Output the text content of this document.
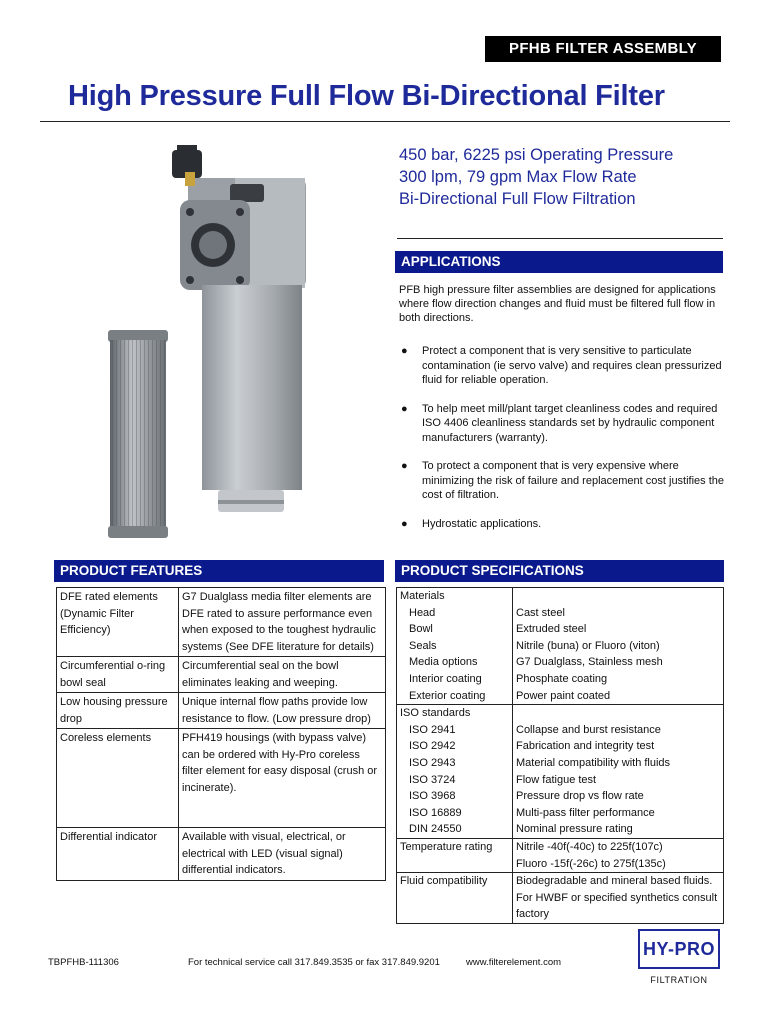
PFHB FILTER ASSEMBLY
High Pressure Full Flow Bi-Directional Filter
450 bar, 6225 psi Operating Pressure
300 lpm, 79 gpm Max Flow Rate
Bi-Directional Full Flow Filtration
APPLICATIONS
PFB high pressure filter assemblies are designed for applications where flow direction changes and fluid must be filtered full flow in both directions.
● Protect a component that is very sensitive to particulate contamination (ie servo valve) and requires clean pressurized fluid for reliable operation.
● To help meet mill/plant target cleanliness codes and required ISO 4406 cleanliness standards set by hydraulic component manufacturers (warranty).
● To protect a component that is very expensive where minimizing the risk of failure and replacement cost justifies the cost of filtration.
● Hydrostatic applications.
PRODUCT FEATURES
DFE rated elements (Dynamic Filter Efficiency)	G7 Dualglass media filter elements are DFE rated to assure performance even when exposed to the toughest hydraulic systems (See DFE literature for details)
Circumferential o-ring bowl seal	Circumferential seal on the bowl eliminates leaking and weeping.
Low housing pressure drop	Unique internal flow paths provide low resistance to flow. (Low pressure drop)
Coreless elements	PFH419 housings (with bypass valve) can be ordered with Hy-Pro coreless filter element for easy disposal (crush or incinerate).
Differential indicator	Available with visual, electrical, or electrical with LED (visual signal) differential indicators.
PRODUCT SPECIFICATIONS
Materials	
Head	Cast steel
Bowl	Extruded steel
Seals	Nitrile (buna) or Fluoro (viton)
Media options	G7 Dualglass, Stainless mesh
Interior coating	Phosphate coating
Exterior coating	Power paint coated
ISO standards	
ISO 2941	Collapse and burst resistance
ISO 2942	Fabrication and integrity test
ISO 2943	Material compatibility with fluids
ISO 3724	Flow fatigue test
ISO 3968	Pressure drop vs flow rate
ISO 16889	Multi-pass filter performance
DIN 24550	Nominal pressure rating
Temperature rating	Nitrile -40f(-40c) to 225f(107c)
	Fluoro -15f(-26c) to 275f(135c)
Fluid compatibility	Biodegradable and mineral based fluids. For HWBF or specified synthetics consult factory
TBPFHB-111306	For technical service call 317.849.3535 or fax 317.849.9201	www.filterelement.com
HY-PRO
FILTRATION
